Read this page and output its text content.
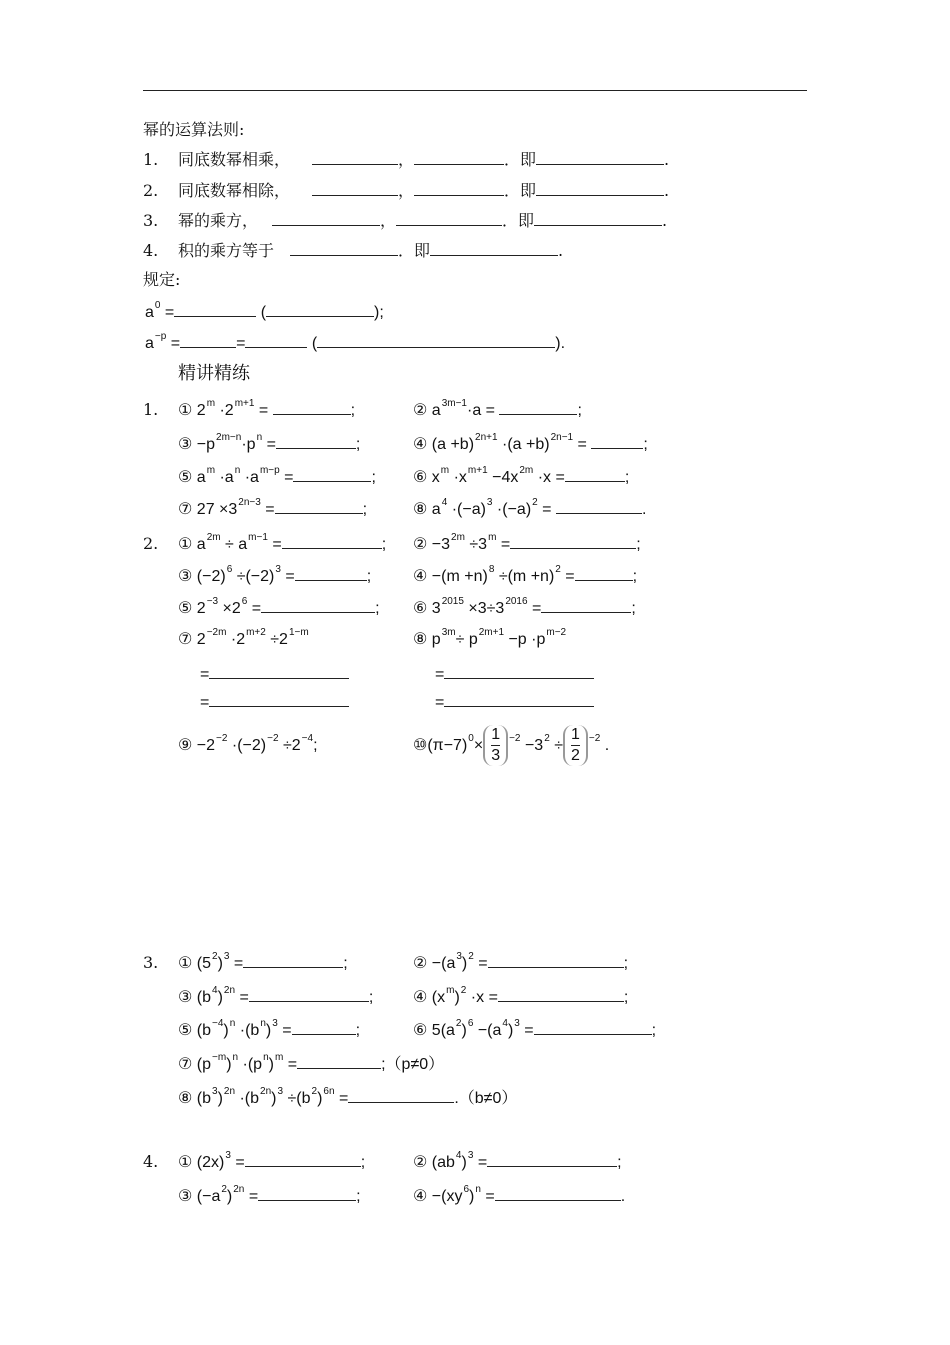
幂的运算法则:
1. 同底数幂相乘，	，	．即	.
2. 同底数幂相除，	，	．即	.
3. 幂的乘方，	，	．即	.
4. 积的乘方等于	．即	.
规定:
$a^0$ =	(	);
$a^{-p}$ =	=	(	).
精讲精练
1. ① $2^m \cdot 2^{m+1}$ =	;	② $a^{3m-1}\cdot a$ =	;
③ $-p^{2m-n}\cdot p^n$ =	;	④ $(a +b)^{2n+1} \cdot(a +b)^{2n-1}$ =	;
⑤ $a^m \cdot a^n \cdot a^{m-p}$ =	; ⑥ $x^m \cdot x^{m+1} -4x^{2m} \cdot x$ =	;
⑦ $27 \times 3^{2n-3}$ =	;	⑧ $a^4 \cdot(-a)^3 \cdot(-a)^2$ =	.
2. ① $a^{2m} \div a^{m-1}$ =	; ② $-3^{2m} \div 3^m$ =	;
③ $(-2)^6 \div(-2)^3$ =	;	④ $-(m +n)^8 \div(m +n)^2$ =	;
⑤ $2^{-3} \times 2^6$ =	; ⑥ $3^{2015} \times 3\div 3^{2016}$ =	;
⑦ $2^{-2m} \cdot 2^{m+2} \div 2^{1-m}$	⑧ $p^{3m}\div p^{2m+1} -p \cdot p^{m-2}$
=	=
=	=
⑨ $-2^{-2} \cdot(-2)^{-2} \div 2^{-4}$;	$⑩(\pi-7)^0\times \frac{1}{3} ^{-2} -3^2 \div \frac{1}{2} ^{-2}$ .
3. ① $(5^2)^3$ =	;	② $-(a^3)^2$ =	;
③ $(b^4)^{2n}$ =	; ④ $(x^m)^2 \cdot x$ =	;
⑤ $(b^{-4})^n \cdot(b^n)^3$ =	;	⑥ $5(a^2)^6 -(a^4)^3$ =	;
⑦ $(p^{-m})^n \cdot(p^n)^m$ =	;（p≠0）
⑧ $(b^3)^{2n} \cdot(b^{2n})^3 \div(b^2)^{6n}$ =	.（b≠0）
4. ① $(2x)^3$ =	;	② $(ab^4)^3$ =	;
③ $(-a^2)^{2n}$ =	;	④ $-(xy^6)^n$ =	.
